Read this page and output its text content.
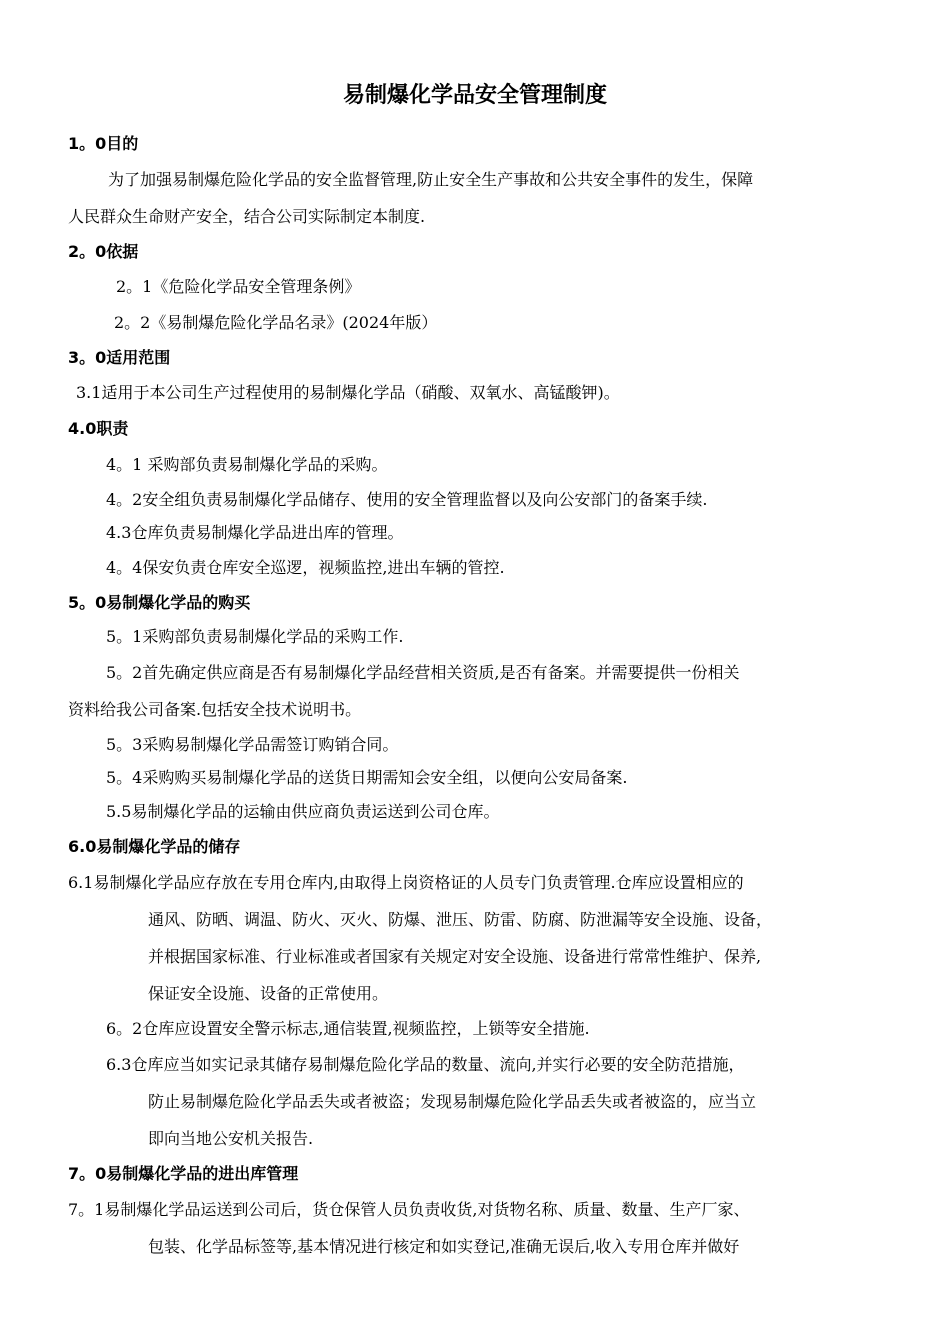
易制爆化学品安全管理制度
1。0目的
为了加强易制爆危险化学品的安全监督管理,防止安全生产事故和公共安全事件的发生，保障
人民群众生命财产安全，结合公司实际制定本制度.
2。0依据
2。1《危险化学品安全管理条例》
2。2《易制爆危险化学品名录》(2024年版）
3。0适用范围
3.1适用于本公司生产过程使用的易制爆化学品（硝酸、双氧水、高锰酸钾)。
4.0职责
4。1 采购部负责易制爆化学品的采购。
4。2安全组负责易制爆化学品储存、使用的安全管理监督以及向公安部门的备案手续.
4.3仓库负责易制爆化学品进出库的管理。
4。4保安负责仓库安全巡逻，视频监控,进出车辆的管控.
5。0易制爆化学品的购买
5。1采购部负责易制爆化学品的采购工作.
5。2首先确定供应商是否有易制爆化学品经营相关资质,是否有备案。并需要提供一份相关
资料给我公司备案.包括安全技术说明书。
5。3采购易制爆化学品需签订购销合同。
5。4采购购买易制爆化学品的送货日期需知会安全组，以便向公安局备案.
5.5易制爆化学品的运输由供应商负责运送到公司仓库。
6.0易制爆化学品的储存
6.1易制爆化学品应存放在专用仓库内,由取得上岗资格证的人员专门负责管理.仓库应设置相应的
通风、防晒、调温、防火、灭火、防爆、泄压、防雷、防腐、防泄漏等安全设施、设备，
并根据国家标准、行业标准或者国家有关规定对安全设施、设备进行常常性维护、保养,
保证安全设施、设备的正常使用。
6。2仓库应设置安全警示标志,通信装置,视频监控，上锁等安全措施.
6.3仓库应当如实记录其储存易制爆危险化学品的数量、流向,并实行必要的安全防范措施，
防止易制爆危险化学品丢失或者被盗；发现易制爆危险化学品丢失或者被盗的，应当立
即向当地公安机关报告.
7。0易制爆化学品的进出库管理
7。1易制爆化学品运送到公司后，货仓保管人员负责收货,对货物名称、质量、数量、生产厂家、
包装、化学品标签等,基本情况进行核定和如实登记,准确无误后,收入专用仓库并做好
